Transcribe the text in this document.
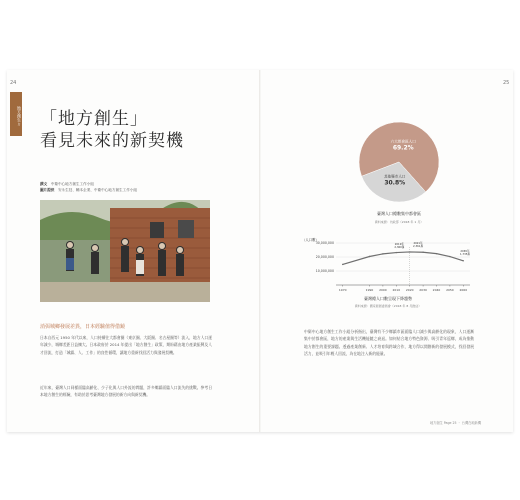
24	25
地方創生ㄉ 「地方創生」
看見未來的新契機
撰文　 中衛中心地方創生工作小組
圖片提供　 安永生技、輔本企業、中衛中心地方創生工作小組
消弭城鄉發展差異，日本經驗值得借鏡
日本自西元 1950 年代以來，人口持續往大都會圈（東京圈、大阪圈、名古屋圈等）流入，地方人口逐年減少，城鄉差距日益擴大。日本政府於 2014 年提出「地方創生」政策，期盼藉由地方產業振興及人才回流，打造「城鎮、人、工作」的良性循環，讓地方重新找回活力與發展契機。
近年來，臺灣人口同樣面臨高齡化、少子化與人口外流的問題，許多鄉鎮面臨人口流失的挑戰。參考日本地方創生的經驗，有助於思考臺灣地方發展的新方向與新契機。
六大都會區人口
69.2%
其他縣市人口
30.8%
臺灣人口總數集中都會區
資料來源：內政部（2018 年 1 月）
（人口數）
30,000,000
20,000,000
10,000,000
1970	1990 2000 2010 2020 2030 2040 2050 2060
2019年 2,360萬
2021年 2,361萬
2065年 1,735萬
臺灣總人口數呈現下降趨勢
資料來源：國家發展委員會（2018 年 8 月推估）
中衛中心地方創生工作小組分析指出，臺灣有不少鄉鎮市區面臨人口減少與高齡化的現象，人口逐漸集中於都會區，地方的產業與生活機能隨之衰退。如何結合地方特色資源、吸引青年返鄉，成為推動地方創生的重要課題。透過產業創新、人才培育與跨域合作，地方得以開創新的發展模式，找回發展活力，並吸引年輕人回流，為在地注入新的能量。
地方創生 Page 25 ・ 台灣在地新機
